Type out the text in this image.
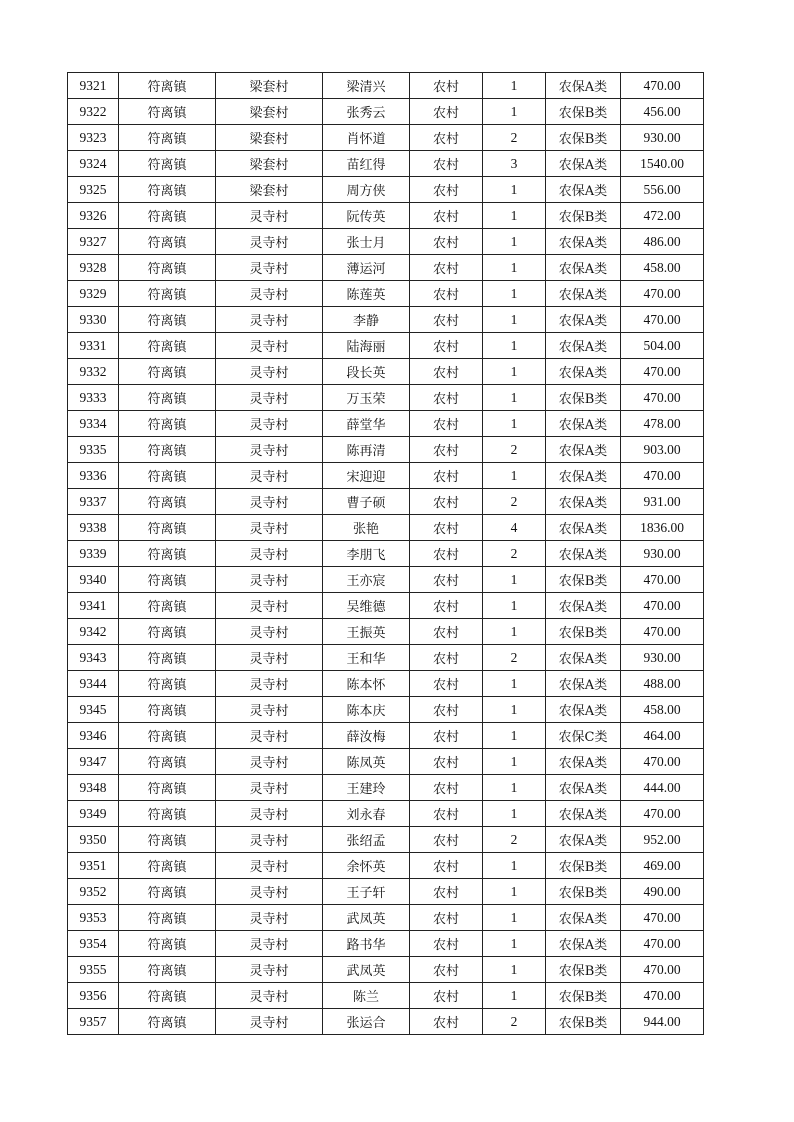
9321	符离镇	梁套村	梁清兴	农村	1	农保A类	470.00
9322	符离镇	梁套村	张秀云	农村	1	农保B类	456.00
9323	符离镇	梁套村	肖怀道	农村	2	农保B类	930.00
9324	符离镇	梁套村	苗红得	农村	3	农保A类	1540.00
9325	符离镇	梁套村	周方侠	农村	1	农保A类	556.00
9326	符离镇	灵寺村	阮传英	农村	1	农保B类	472.00
9327	符离镇	灵寺村	张士月	农村	1	农保A类	486.00
9328	符离镇	灵寺村	薄运河	农村	1	农保A类	458.00
9329	符离镇	灵寺村	陈莲英	农村	1	农保A类	470.00
9330	符离镇	灵寺村	李静	农村	1	农保A类	470.00
9331	符离镇	灵寺村	陆海丽	农村	1	农保A类	504.00
9332	符离镇	灵寺村	段长英	农村	1	农保A类	470.00
9333	符离镇	灵寺村	万玉荣	农村	1	农保B类	470.00
9334	符离镇	灵寺村	薛堂华	农村	1	农保A类	478.00
9335	符离镇	灵寺村	陈再清	农村	2	农保A类	903.00
9336	符离镇	灵寺村	宋迎迎	农村	1	农保A类	470.00
9337	符离镇	灵寺村	曹子硕	农村	2	农保A类	931.00
9338	符离镇	灵寺村	张艳	农村	4	农保A类	1836.00
9339	符离镇	灵寺村	李朋飞	农村	2	农保A类	930.00
9340	符离镇	灵寺村	王亦宸	农村	1	农保B类	470.00
9341	符离镇	灵寺村	吴维德	农村	1	农保A类	470.00
9342	符离镇	灵寺村	王振英	农村	1	农保B类	470.00
9343	符离镇	灵寺村	王和华	农村	2	农保A类	930.00
9344	符离镇	灵寺村	陈本怀	农村	1	农保A类	488.00
9345	符离镇	灵寺村	陈本庆	农村	1	农保A类	458.00
9346	符离镇	灵寺村	薛汝梅	农村	1	农保C类	464.00
9347	符离镇	灵寺村	陈凤英	农村	1	农保A类	470.00
9348	符离镇	灵寺村	王建玲	农村	1	农保A类	444.00
9349	符离镇	灵寺村	刘永春	农村	1	农保A类	470.00
9350	符离镇	灵寺村	张绍孟	农村	2	农保A类	952.00
9351	符离镇	灵寺村	余怀英	农村	1	农保B类	469.00
9352	符离镇	灵寺村	王子轩	农村	1	农保B类	490.00
9353	符离镇	灵寺村	武凤英	农村	1	农保A类	470.00
9354	符离镇	灵寺村	路书华	农村	1	农保A类	470.00
9355	符离镇	灵寺村	武凤英	农村	1	农保B类	470.00
9356	符离镇	灵寺村	陈兰	农村	1	农保B类	470.00
9357	符离镇	灵寺村	张运合	农村	2	农保B类	944.00
